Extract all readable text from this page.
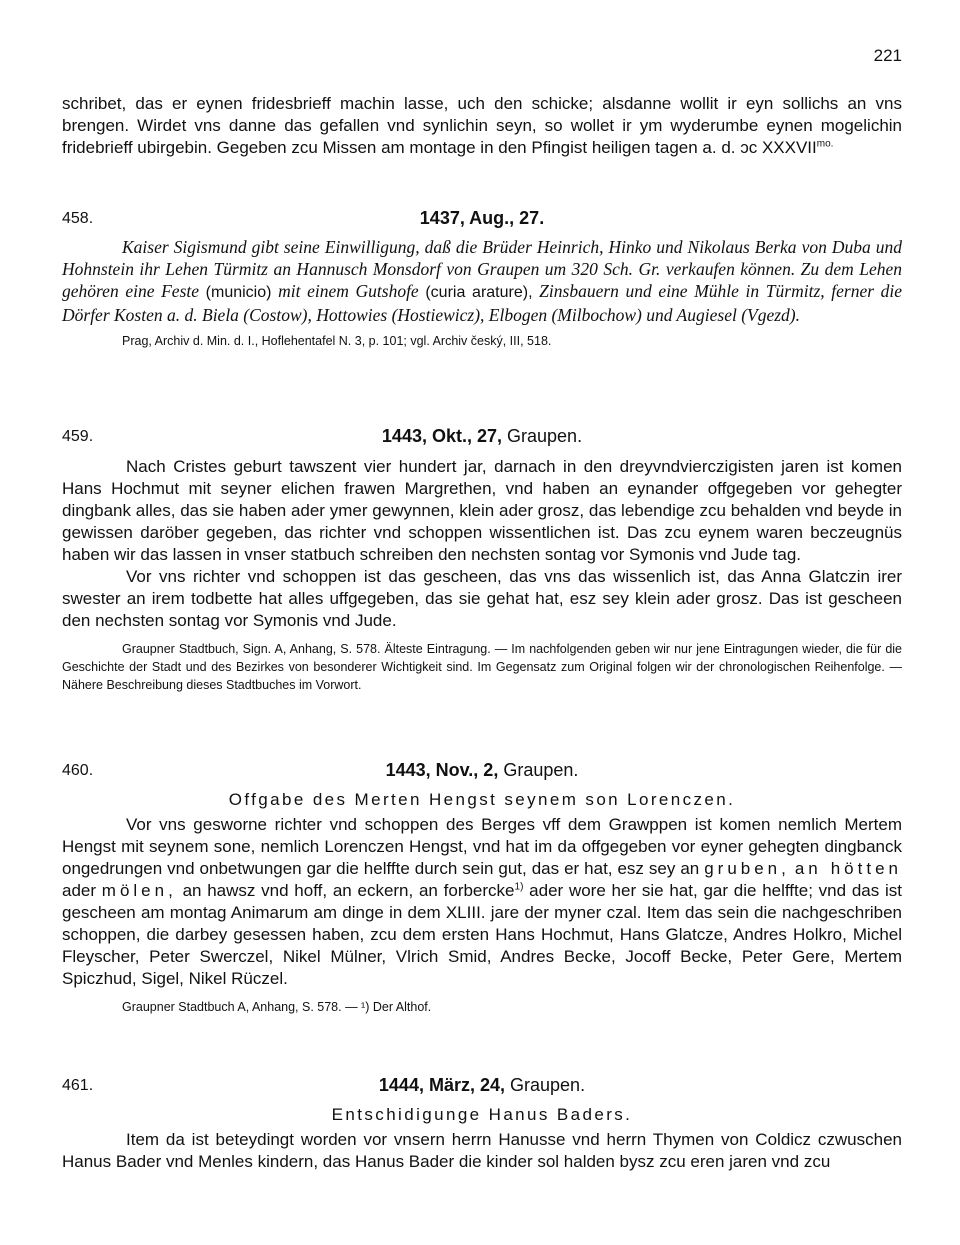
221

schribet, das er eynen fridesbrieff machin lasse, uch den schicke; alsdanne wollit ir eyn sollichs an vns brengen. Wirdet vns danne das gefallen vnd synlichin seyn, so wollet ir ym wyderumbe eynen mogelichin fridebrieff ubirgebin. Gegeben zcu Missen am montage in den Pfingist heiligen tagen a. d. ɔc $XXXVII^{mo.}$

458.	1437, Aug., 27.

Kaiser Sigismund gibt seine Einwilligung, daß die Brüder Heinrich, Hinko und Nikolaus Berka von Duba und Hohnstein ihr Lehen Türmitz an Hannusch Monsdorf von Graupen um 320 Sch. Gr. verkaufen können. Zu dem Lehen gehören eine Feste (municio) mit einem Gutshofe (curia arature), Zinsbauern und eine Mühle in Türmitz, ferner die Dörfer Kosten a. d. Biela (Costow), Hottowies (Hostiewicz), Elbogen (Milbochow) und Augiesel (Vgezd).

Prag, Archiv d. Min. d. I., Hoflehentafel N. 3, p. 101; vgl. Archiv český, III, 518.

459.	1443, Okt., 27, Graupen.

Nach Cristes geburt tawszent vier hundert jar, darnach in den dreyvndvierczigisten jaren ist komen Hans Hochmut mit seyner elichen frawen Margrethen, vnd haben an eynander offgegeben vor gehegter dingbank alles, das sie haben ader ymer gewynnen, klein ader grosz, das lebendige zcu behalden vnd beyde in gewissen daröber gegeben, das richter vnd schoppen wissentlichen ist. Das zcu eynem waren beczeugnüs haben wir das lassen in vnser statbuch schreiben den nechsten sontag vor Symonis vnd Jude tag.

Vor vns richter vnd schoppen ist das gescheen, das vns das wissenlich ist, das Anna Glatczin irer swester an irem todbette hat alles uffgegeben, das sie gehat hat, esz sey klein ader grosz. Das ist gescheen den nechsten sontag vor Symonis vnd Jude.

Graupner Stadtbuch, Sign. A, Anhang, S. 578. Älteste Eintragung. — Im nachfolgenden geben wir nur jene Eintragungen wieder, die für die Geschichte der Stadt und des Bezirkes von besonderer Wichtigkeit sind. Im Gegensatz zum Original folgen wir der chronologischen Reihenfolge. — Nähere Beschreibung dieses Stadtbuches im Vorwort.

460.	1443, Nov., 2, Graupen.

Offgabe des Merten Hengst seynem son Lorenczen.

Vor vns gesworne richter vnd schoppen des Berges vff dem Grawppen ist komen nemlich Mertem Hengst mit seynem sone, nemlich Lorenczen Hengst, vnd hat im da offgegeben vor eyner gehegten dingbanck ongedrungen vnd onbetwungen gar die helffte durch sein gut, das er hat, esz sey an gruben, an hötten ader mölen, an hawsz vnd hoff, an eckern, an forbercke$^{1)}$ ader wore her sie hat, gar die helffte; vnd das ist gescheen am montag Animarum am dinge in dem XLIII. jare der myner czal. Item das sein die nachgeschriben schoppen, die darbey gesessen haben, zcu dem ersten Hans Hochmut, Hans Glatcze, Andres Holkro, Michel Fleyscher, Peter Swerczel, Nikel Mülner, Vlrich Smid, Andres Becke, Jocoff Becke, Peter Gere, Mertem Spiczhud, Sigel, Nikel Rüczel.

Graupner Stadtbuch A, Anhang, S. 578. — ¹) Der Althof.

461.	1444, März, 24, Graupen.

Entschidigunge Hanus Baders.

Item da ist beteydingt worden vor vnsern herrn Hanusse vnd herrn Thymen von Coldicz czwuschen Hanus Bader vnd Menles kindern, das Hanus Bader die kinder sol halden bysz zcu eren jaren vnd zcu
